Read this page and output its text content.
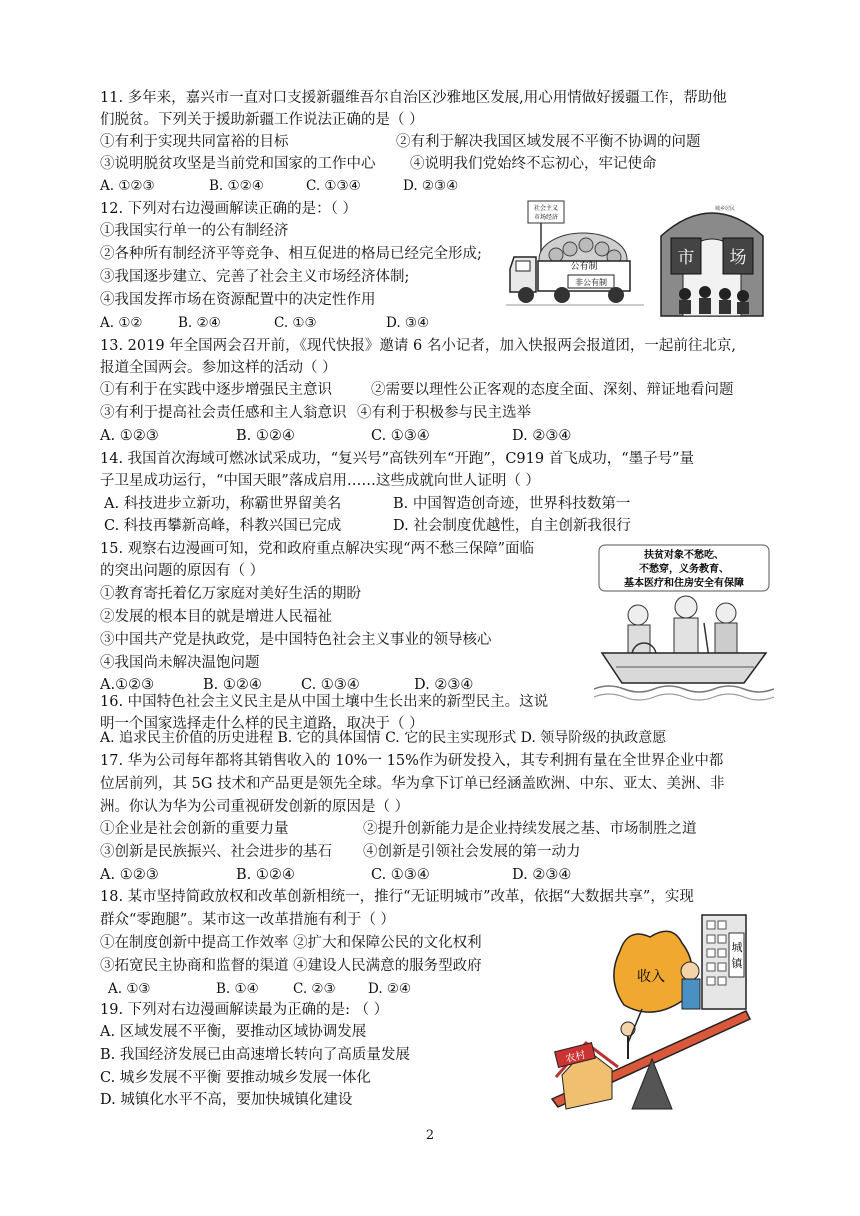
11. 多年来，嘉兴市一直对口支援新疆维吾尔自治区沙雅地区发展,用心用情做好援疆工作，帮助他
们脱贫。下列关于援助新疆工作说法正确的是（ ）
①有利于实现共同富裕的目标	②有利于解决我国区域发展不平衡不协调的问题
③说明脱贫攻坚是当前党和国家的工作中心 ④说明我们党始终不忘初心，牢记使命
A. ①②③	B. ①②④	C. ①③④	D. ②③④
12. 下列对右边漫画解读正确的是：（ ）
①我国实行单一的公有制经济
②各种所有制经济平等竞争、相互促进的格局已经完全形成;
③我国逐步建立、完善了社会主义市场经济体制;
④我国发挥市场在资源配置中的决定性作用
A. ①②	B. ②④	C. ①③	D. ③④
社会主义
市场经济
公有制
非公有制
市 场
城乡居民
13. 2019 年全国两会召开前，《现代快报》邀请 6 名小记者，加入快报两会报道团，一起前往北京,
报道全国两会。参加这样的活动（ ）
①有利于在实践中逐步增强民主意识	②需要以理性公正客观的态度全面、深刻、辩证地看问题
③有利于提高社会责任感和主人翁意识 ④有利于积极参与民主选举
A. ①②③	B. ①②④	C. ①③④	D. ②③④
14. 我国首次海域可燃冰试采成功，“复兴号”高铁列车“开跑”，C919 首飞成功，“墨子号”量
子卫星成功运行，“中国天眼”落成启用……这些成就向世人证明（ ）
A. 科技进步立新功，称霸世界留美名	B. 中国智造创奇迹，世界科技数第一
C. 科技再攀新高峰，科教兴国已完成	D. 社会制度优越性，自主创新我很行
15. 观察右边漫画可知，党和政府重点解决实现“两不愁三保障”面临
的突出问题的原因有（ ）
①教育寄托着亿万家庭对美好生活的期盼
②发展的根本目的就是增进人民福祉
③中国共产党是执政党，是中国特色社会主义事业的领导核心
④我国尚未解决温饱问题
A.①②③	B. ①②④	C. ①③④	D. ②③④
扶贫对象不愁吃、
不愁穿，义务教育、
基本医疗和住房安全有保障
16. 中国特色社会主义民主是从中国土壤中生长出来的新型民主。这说
明一个国家选择走什么样的民主道路，取决于（ ）
A. 追求民主价值的历史进程 B. 它的具体国情 C. 它的民主实现形式 D. 领导阶级的执政意愿
17. 华为公司每年都将其销售收入的 10%一 15%作为研发投入，其专利拥有量在全世界企业中都
位居前列，其 5G 技术和产品更是领先全球。华为拿下订单已经涵盖欧洲、中东、亚太、美洲、非
洲。你认为华为公司重视研发创新的原因是（ ）
①企业是社会创新的重要力量	②提升创新能力是企业持续发展之基、市场制胜之道
③创新是民族振兴、社会进步的基石 ④创新是引领社会发展的第一动力
A. ①②③	B. ①②④	C. ①③④	D. ②③④
18. 某市坚持简政放权和改革创新相统一，推行“无证明城市”改革，依据“大数据共享”，实现
群众“零跑腿”。某市这一改革措施有利于（ ）
①在制度创新中提高工作效率 ②扩大和保障公民的文化权利
③拓宽民主协商和监督的渠道 ④建设人民满意的服务型政府
A. ①③	B. ①④	C. ②③ D. ②④
19. 下列对右边漫画解读最为正确的是: （ ）
A. 区域发展不平衡，要推动区域协调发展
B. 我国经济发展已由高速增长转向了高质量发展
C. 城乡发展不平衡 要推动城乡发展一体化
D. 城镇化水平不高，要加快城镇化建设
城
镇
收入
农村
2
